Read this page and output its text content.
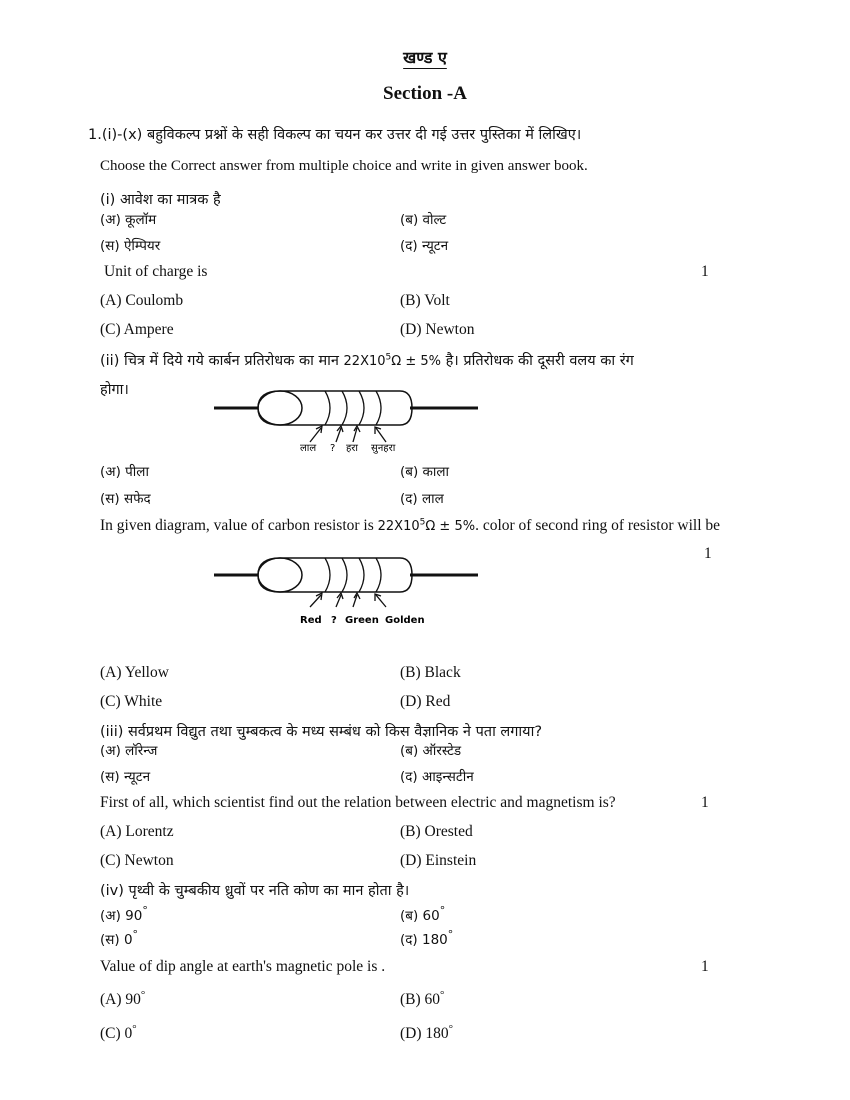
खण्ड ए
Section -A
1.(i)-(x) बहुविकल्प प्रश्नों के सही विकल्प का चयन कर उत्तर दी गई उत्तर पुस्तिका में लिखिए।
Choose the Correct answer from multiple choice and write in given answer book.
(i) आवेश का मात्रक है
(अ) कूलॉम	(ब) वोल्ट
(स) ऐम्पियर	(द) न्यूटन
Unit of charge is	1
(A) Coulomb	(B) Volt
(C) Ampere	(D) Newton
(ii) चित्र में दिये गये कार्बन प्रतिरोधक का मान $22X10^5\Omega \pm 5\%$ है। प्रतिरोधक की दूसरी वलय का रंग
होगा।
लाल ? हरा सुनहरा
(अ) पीला	(ब) काला
(स) सफेद	(द) लाल
In given diagram, value of carbon resistor is $22X10^5\Omega \pm 5\%$. color of second ring of resistor will be
1
Red ? Green Golden
(A) Yellow	(B) Black
(C) White	(D) Red
(iii) सर्वप्रथम विद्युत तथा चुम्बकत्व के मध्य सम्बंध को किस वैज्ञानिक ने पता लगाया?
(अ) लॉरेन्ज	(ब) ऑरस्टेड
(स) न्यूटन	(द) आइन्सटीन
First of all, which scientist find out the relation between electric and magnetism is?	1
(A) Lorentz	(B) Orested
(C) Newton	(D) Einstein
(iv) पृथ्वी के चुम्बकीय ध्रुवों पर नति कोण का मान होता है।
(अ) 90°	(ब) 60°
(स) 0°	(द) 180°
Value of dip angle at earth's magnetic pole is .	1
(A) 90°	(B) 60°
(C) 0°	(D) 180°
